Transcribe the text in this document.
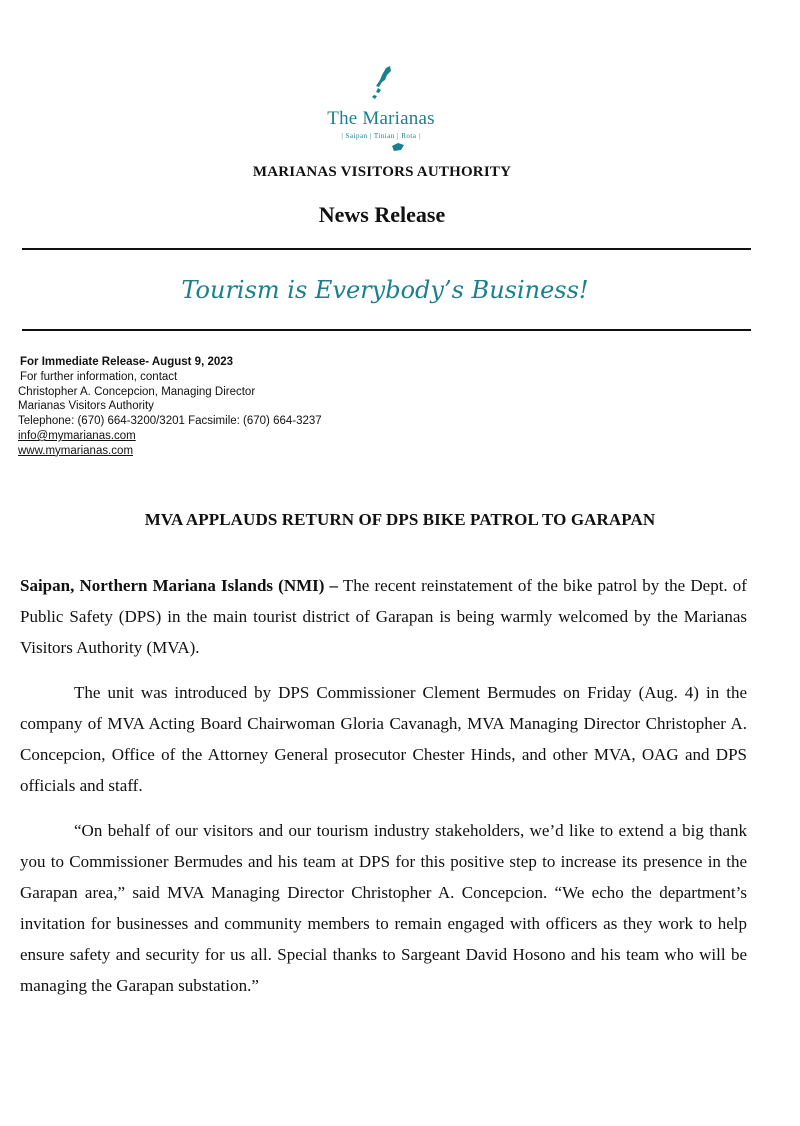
The Marianas
| Saipan | Tinian | Rota |
MARIANAS VISITORS AUTHORITY
News Release
Tourism is Everybody’s Business!
For Immediate Release- August 9, 2023
For further information, contact
Christopher A. Concepcion, Managing Director
Marianas Visitors Authority
Telephone: (670) 664-3200/3201 Facsimile: (670) 664-3237
info@mymarianas.com
www.mymarianas.com
MVA APPLAUDS RETURN OF DPS BIKE PATROL TO GARAPAN

Saipan, Northern Mariana Islands (NMI) – The recent reinstatement of the bike patrol by the Dept. of Public Safety (DPS) in the main tourist district of Garapan is being warmly welcomed by the Marianas Visitors Authority (MVA).

The unit was introduced by DPS Commissioner Clement Bermudes on Friday (Aug. 4) in the company of MVA Acting Board Chairwoman Gloria Cavanagh, MVA Managing Director Christopher A. Concepcion, Office of the Attorney General prosecutor Chester Hinds, and other MVA, OAG and DPS officials and staff.

“On behalf of our visitors and our tourism industry stakeholders, we’d like to extend a big thank you to Commissioner Bermudes and his team at DPS for this positive step to increase its presence in the Garapan area,” said MVA Managing Director Christopher A. Concepcion. “We echo the department’s invitation for businesses and community members to remain engaged with officers as they work to help ensure safety and security for us all. Special thanks to Sargeant David Hosono and his team who will be managing the Garapan substation.”
